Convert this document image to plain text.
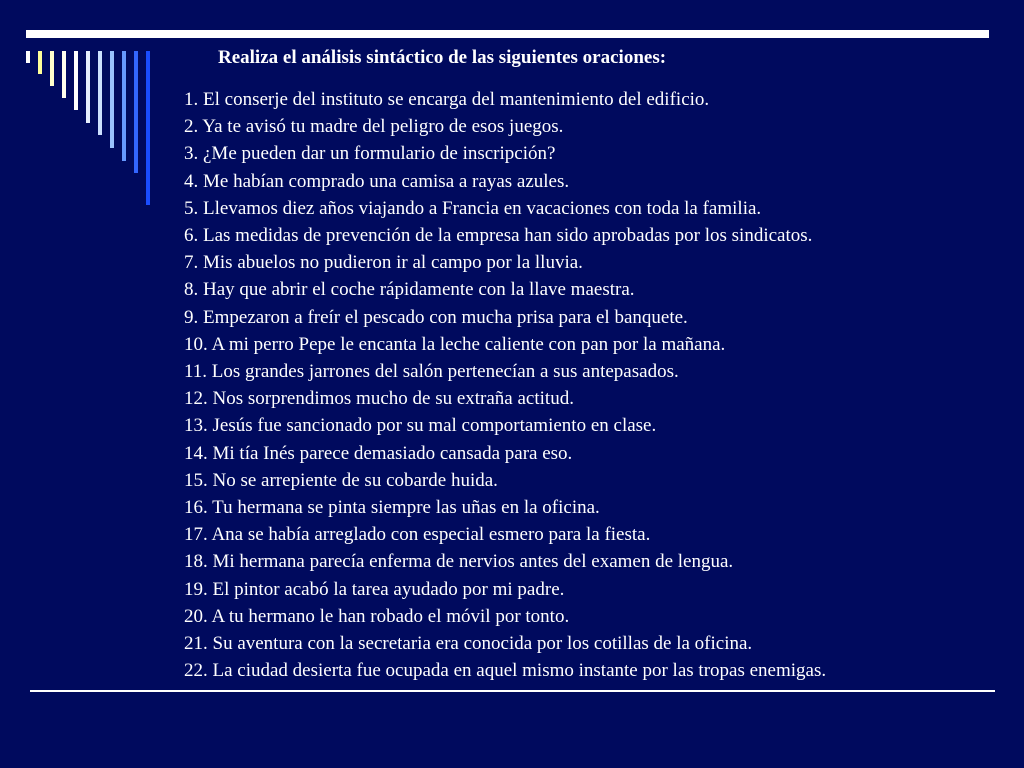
Realiza el análisis sintáctico de las siguientes oraciones:
1. El conserje del instituto se encarga del mantenimiento del edificio.
2. Ya te avisó tu madre del peligro de esos juegos.
3. ¿Me pueden dar un formulario de inscripción?
4. Me habían comprado una camisa a rayas azules.
5. Llevamos diez años viajando a Francia en vacaciones con toda la familia.
6. Las medidas de prevención de la empresa han sido aprobadas por los sindicatos.
7. Mis abuelos no pudieron ir al campo por la lluvia.
8. Hay que abrir el coche rápidamente con la llave maestra.
9. Empezaron a freír el pescado con mucha prisa para el banquete.
10. A mi perro Pepe le encanta la leche caliente con pan por la mañana.
11. Los grandes jarrones del salón pertenecían a sus antepasados.
12. Nos sorprendimos mucho de su extraña actitud.
13. Jesús fue sancionado por su mal comportamiento en clase.
14. Mi tía Inés parece demasiado cansada para eso.
15. No se arrepiente de su cobarde huida.
16. Tu hermana se pinta siempre las uñas en la oficina.
17. Ana se había arreglado con especial esmero para la fiesta.
18. Mi hermana parecía enferma de nervios antes del examen de lengua.
19. El pintor acabó la tarea ayudado por mi padre.
20. A tu hermano le han robado el móvil por tonto.
21. Su aventura con la secretaria era conocida por los cotillas de la oficina.
22. La ciudad desierta fue ocupada en aquel mismo instante por las tropas enemigas.
